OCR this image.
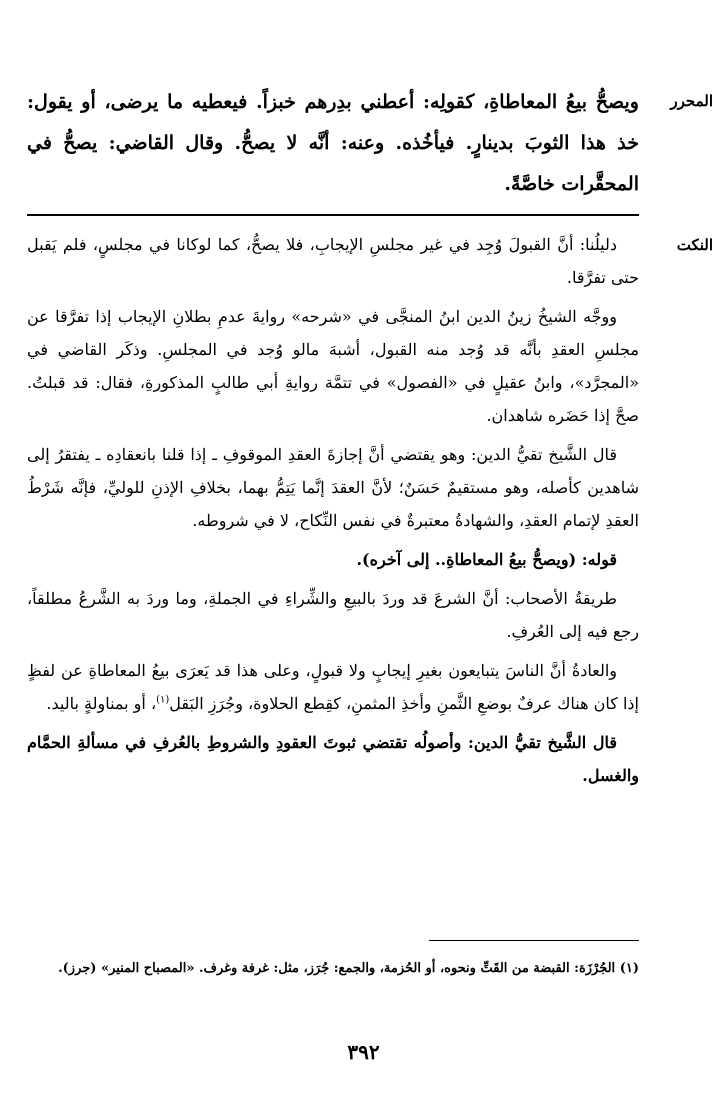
المحرر
ويصحُّ بيعُ المعاطاةِ، كقولِه: أعطني بدِرهم خبزاً. فيعطيه ما يرضى، أو يقول: خذ هذا الثوبَ بدينارٍ. فيأخُذه. وعنه: أنَّه لا يصحُّ. وقال القاضي: يصحُّ في المحقَّرات خاصَّةً.
النكت

دليلُنا: أنَّ القبولَ وُجِد في غير مجلسِ الإيجابِ، فلا يصحُّ، كما لوكانا في مجلسٍ، فلم يَقبل حتى تفرَّقا.

ووجَّه الشيخُ زينُ الدين ابنُ المنجَّى في «شرحه» روايةَ عدمِ بطلانِ الإيجاب إذا تفرَّقا عن مجلسِ العقدِ بأنَّه قد وُجد منه القبول، أشبهَ مالو وُجد في المجلسِ. وذكَر القاضي في «المجرَّد»، وابنُ عقيلٍ في «الفصول» في تتمَّة روايةِ أبي طالبٍ المذكورةِ، فقال: قد قبلتُ. صحَّ إذا حَضَره شاهدان.

قال الشَّيخ تقيُّ الدين: وهو يقتضي أنَّ إجازةَ العقدِ الموقوفِ ـ إذا قلنا بانعقادِه ـ يفتقرُ إلى شاهدين كأصله، وهو مستقيمٌ حَسَنٌ؛ لأنَّ العقدَ إنَّما يَتِمُّ بهما، بخلافِ الإذنِ للوليِّ، فإنَّه شَرْطُ العقدِ لإتمام العقدِ، والشهادةُ معتبرةٌ في نفس النِّكاح، لا في شروطه.

قوله: (ويصحُّ بيعُ المعاطاةِ.. إلى آخره).

طريقةُ الأصحاب: أنَّ الشرعَ قد وردَ بالبيعِ والشِّراءِ في الجملةِ، وما وردَ به الشَّرعُ مطلقاً، رجع فيه إلى العُرفِ.

والعادةُ أنَّ الناسَ يتبايعون بغيرِ إيجابٍ ولا قبولٍ، وعلى هذا قد يَعرَى بيعُ المعاطاةِ عن لفظٍ إذا كان هناك عرفٌ بوضعِ الثَّمنِ وأخذِ المثمنِ، كقِطع الحلاوة، وجُرَزِ البَقل$^{(١)}$، أو بمناولةٍ باليد.

قال الشَّيخ تقيُّ الدين: وأصولُه تقتضي ثبوتَ العقودِ والشروطِ بالعُرفِ في مسألةِ الحمَّام والغسل.

(١) الجُرْزَة: القبضة من القَتِّ ونحوه، أو الحُزمة، والجمع: جُرَز، مثل: غرفة وغرف. «المصباح المنير» (جرز).
٣٩٢
